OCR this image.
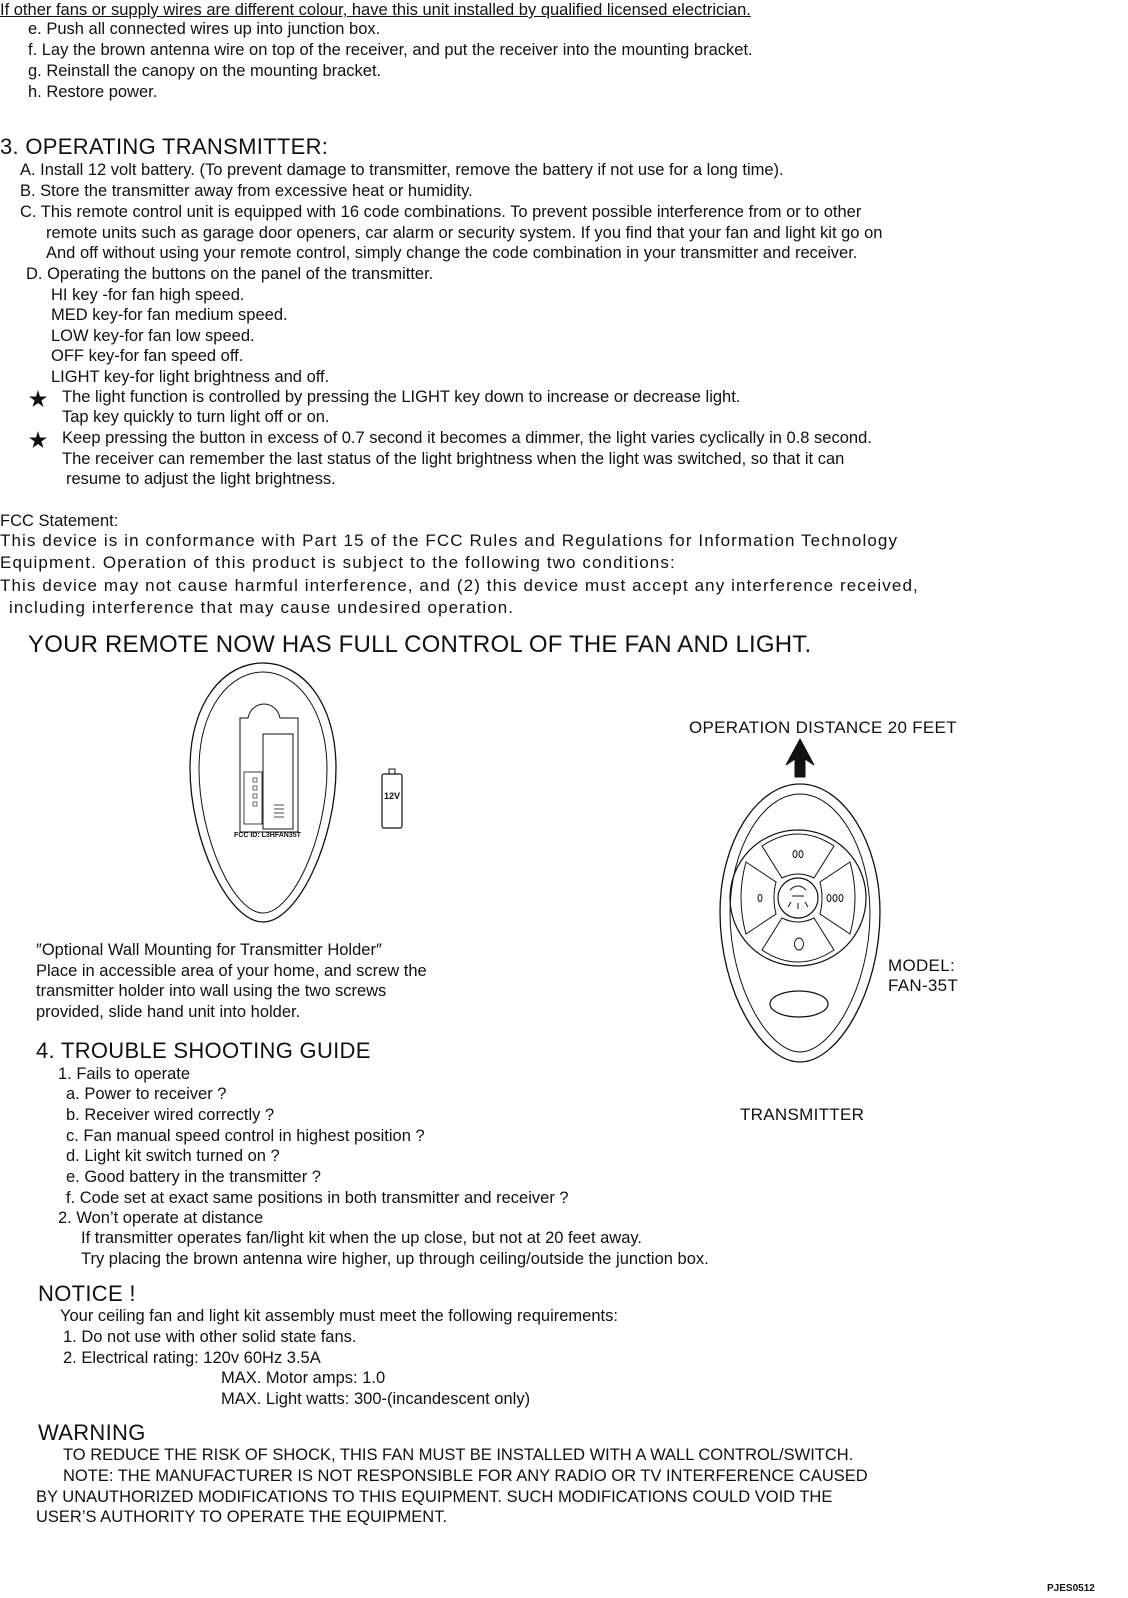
If other fans or supply wires are different colour, have this unit installed by qualified licensed electrician.
e. Push all connected wires up into junction box.
f. Lay the brown antenna wire on top of the receiver, and put the receiver into the mounting bracket.
g. Reinstall the canopy on the mounting bracket.
h. Restore power.
3. OPERATING TRANSMITTER:
A. Install 12 volt battery. (To prevent damage to transmitter, remove the battery if not use for a long time).
B. Store the transmitter away from excessive heat or humidity.
C. This remote control unit is equipped with 16 code combinations. To prevent possible interference from or to other
remote units such as garage door openers, car alarm or security system. If you find that your fan and light kit go on
And off without using your remote control, simply change the code combination in your transmitter and receiver.
D. Operating the buttons on the panel of the transmitter.
HI key -for fan high speed.
MED key-for fan medium speed.
LOW key-for fan low speed.
OFF key-for fan speed off.
LIGHT key-for light brightness and off.
The light function is controlled by pressing the LIGHT key down to increase or decrease light.
Tap key quickly to turn light off or on.
Keep pressing the button in excess of 0.7 second it becomes a dimmer, the light varies cyclically in 0.8 second.
The receiver can remember the last status of the light brightness when the light was switched, so that it can
resume to adjust the light brightness.
FCC Statement:
This device is in conformance with Part 15 of the FCC Rules and Regulations for Information Technology
Equipment. Operation of this product is subject to the following two conditions:
This device may not cause harmful interference, and (2) this device must accept any interference received,
including interference that may cause undesired operation.
YOUR REMOTE NOW HAS FULL CONTROL OF THE FAN AND LIGHT.
FCC ID: L3HFAN35T
12V
OPERATION DISTANCE 20 FEET
MODEL:
FAN-35T
TRANSMITTER
″Optional Wall Mounting for Transmitter Holder″
Place in accessible area of your home, and screw the
transmitter holder into wall using the two screws
provided, slide hand unit into holder.
4. TROUBLE SHOOTING GUIDE
1. Fails to operate
a. Power to receiver ?
b. Receiver wired correctly ?
c. Fan manual speed control in highest position ?
d. Light kit switch turned on ?
e. Good battery in the transmitter ?
f. Code set at exact same positions in both transmitter and receiver ?
2. Won’t operate at distance
If transmitter operates fan/light kit when the up close, but not at 20 feet away.
Try placing the brown antenna wire higher, up through ceiling/outside the junction box.
NOTICE !
Your ceiling fan and light kit assembly must meet the following requirements:
1. Do not use with other solid state fans.
2. Electrical rating: 120v 60Hz 3.5A
MAX. Motor amps: 1.0
MAX. Light watts: 300-(incandescent only)
WARNING
TO REDUCE THE RISK OF SHOCK, THIS FAN MUST BE INSTALLED WITH A WALL CONTROL/SWITCH.
NOTE: THE MANUFACTURER IS NOT RESPONSIBLE FOR ANY RADIO OR TV INTERFERENCE CAUSED
BY UNAUTHORIZED MODIFICATIONS TO THIS EQUIPMENT. SUCH MODIFICATIONS COULD VOID THE
USER’S AUTHORITY TO OPERATE THE EQUIPMENT.
PJES0512
